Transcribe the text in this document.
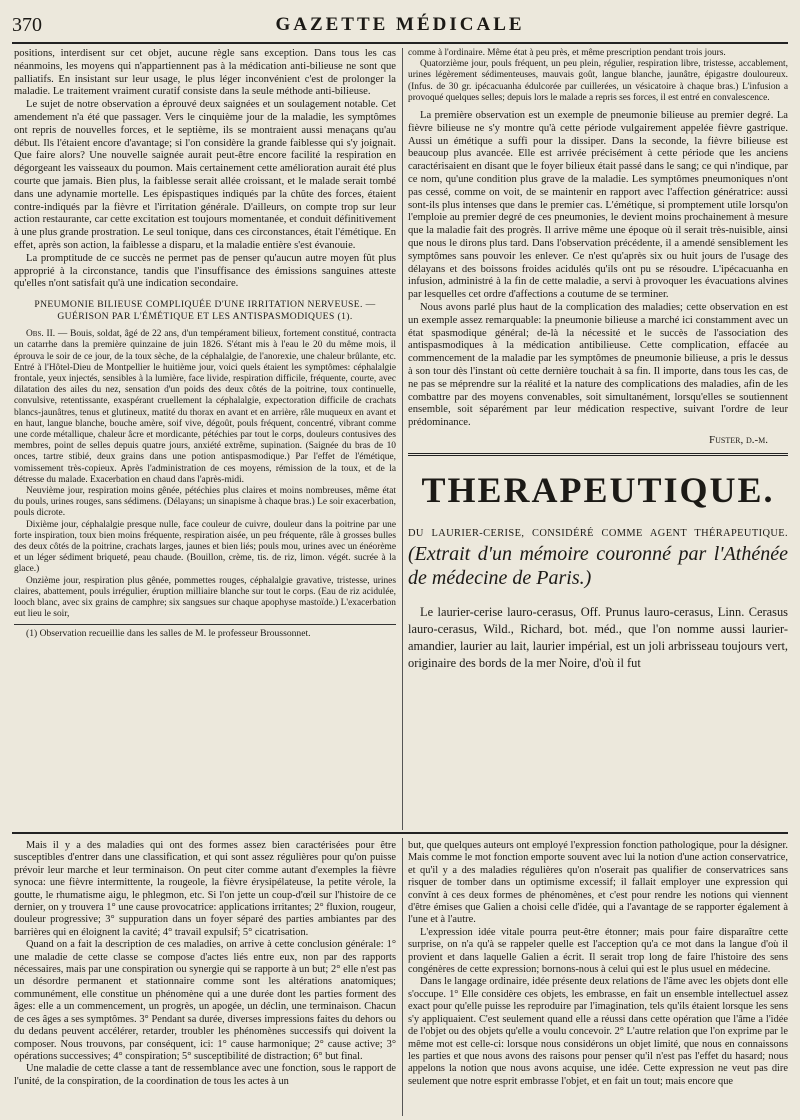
370	GAZETTE MÉDICALE

positions, interdisent sur cet objet, aucune règle sans exception. Dans tous les cas néanmoins, les moyens qui n'appartiennent pas à la médication anti-bilieuse ne sont que palliatifs. En insistant sur leur usage, le plus léger inconvénient c'est de prolonger la maladie. Le traitement vraiment curatif consiste dans la seule méthode anti-bilieuse.

Le sujet de notre observation a éprouvé deux saignées et un soulagement notable. Cet amendement n'a été que passager. Vers le cinquième jour de la maladie, les symptômes ont repris de nouvelles forces, et le septième, ils se montraient aussi menaçans qu'au début. Ils l'étaient encore d'avantage; si l'on considère la grande faiblesse qui s'y joignait. Que faire alors? Une nouvelle saignée aurait peut-être encore facilité la respiration en dégorgeant les vaisseaux du poumon. Mais certainement cette amélioration aurait été plus courte que jamais. Bien plus, la faiblesse serait allée croissant, et le malade serait tombé dans une adynamie mortelle. Les épispastiques indiqués par la chûte des forces, étaient contre-indiqués par la fièvre et l'irritation générale. D'ailleurs, on compte trop sur leur action restaurante, car cette excitation est toujours momentanée, et conduit définitivement à une plus grande prostration. Le seul tonique, dans ces circonstances, était l'émétique. En effet, après son action, la faiblesse a disparu, et la maladie entière s'est évanouie.

La promptitude de ce succès ne permet pas de penser qu'aucun autre moyen fût plus approprié à la circonstance, tandis que l'insuffisance des émissions sanguines atteste qu'elles n'ont satisfait qu'à une indication secondaire.

PNEUMONIE BILIEUSE COMPLIQUÉE D'UNE IRRITATION NERVEUSE. — GUÉRISON PAR L'ÉMÉTIQUE ET LES ANTISPASMODIQUES (1).

Obs. II. — Bouis, soldat, âgé de 22 ans, d'un tempérament bilieux, fortement constitué, contracta un catarrhe dans la première quinzaine de juin 1826. S'étant mis à l'eau le 20 du même mois, il éprouva le soir de ce jour, de la toux sèche, de la céphalalgie, de l'anorexie, une chaleur brûlante, etc. Entré à l'Hôtel-Dieu de Montpellier le huitième jour, voici quels étaient les symptômes: céphalalgie frontale, yeux injectés, sensibles à la lumière, face livide, respiration difficile, fréquente, courte, avec dilatation des ailes du nez, sensation d'un poids des deux côtés de la poitrine, toux continuelle, convulsive, retentissante, exaspérant cruellement la céphalalgie, expectoration difficile de crachats blancs-jaunâtres, tenus et glutineux, matité du thorax en avant et en arrière, râle muqueux en avant et en haut, langue blanche, bouche amère, soif vive, dégoût, pouls fréquent, concentré, vibrant comme une corde métallique, chaleur âcre et mordicante, pétéchies par tout le corps, douleurs contusives des membres, point de selles depuis quatre jours, anxiété extrême, supination. (Saignée du bras de 10 onces, tartre stibié, deux grains dans une potion antispasmodique.) Par l'effet de l'émétique, vomissement très-copieux. Après l'administration de ces moyens, rémission de la toux, et de la détresse du malade. Exacerbation en chaud dans l'après-midi.

Neuvième jour, respiration moins gênée, pétéchies plus claires et moins nombreuses, même état du pouls, urines rouges, sans sédimens. (Délayans; un sinapisme à chaque bras.) Le soir exacerbation, pouls dicrote.

Dixième jour, céphalalgie presque nulle, face couleur de cuivre, douleur dans la poitrine par une forte inspiration, toux bien moins fréquente, respiration aisée, un peu fréquente, râle à grosses bulles des deux côtés de la poitrine, crachats larges, jaunes et bien liés; pouls mou, urines avec un énéorème et un léger sédiment briqueté, peau chaude. (Bouillon, crème, tis. de riz, limon. végét. sucrée à la glace.)

Onzième jour, respiration plus gênée, pommettes rouges, céphalalgie gravative, tristesse, urines claires, abattement, pouls irrégulier, éruption milliaire blanche sur tout le corps. (Eau de riz acidulée, looch blanc, avec six grains de camphre; six sangsues sur chaque apophyse mastoïde.) L'exacerbation eut lieu le soir,

(1) Observation recueillie dans les salles de M. le professeur Broussonnet.

comme à l'ordinaire. Même état à peu près, et même prescription pendant trois jours.

Quatorzième jour, pouls fréquent, un peu plein, régulier, respiration libre, tristesse, accablement, urines légèrement sédimenteuses, mauvais goût, langue blanche, jaunâtre, épigastre douloureux. (Infus. de 30 gr. ipécacuanha édulcorée par cuillerées, un vésicatoire à chaque bras.) L'infusion a provoqué quelques selles; depuis lors le malade a repris ses forces, il est entré en convalescence.

La première observation est un exemple de pneumonie bilieuse au premier degré. La fièvre bilieuse ne s'y montre qu'à cette période vulgairement appelée fièvre gastrique. Aussi un émétique a suffi pour la dissiper. Dans la seconde, la fièvre bilieuse est beaucoup plus avancée. Elle est arrivée précisément à cette période que les anciens caractérisaient en disant que le foyer bilieux était passé dans le sang; ce qui n'indique, par ce nom, qu'une condition plus grave de la maladie. Les symptômes pneumoniques n'ont pas cessé, comme on voit, de se maintenir en rapport avec l'affection génératrice: aussi sont-ils plus intenses que dans le premier cas. L'émétique, si promptement utile lorsqu'on l'emploie au premier degré de ces pneumonies, le devient moins prochainement à mesure que la maladie fait des progrès. Il arrive même une époque où il serait très-nuisible, ainsi que nous le dirons plus tard. Dans l'observation précédente, il a amendé sensiblement les symptômes sans pouvoir les enlever. Ce n'est qu'après six ou huit jours de l'usage des délayans et des boissons froides acidulés qu'ils ont pu se résoudre. L'ipécacuanha en infusion, administré à la fin de cette maladie, a servi à provoquer les évacuations alvines par lesquelles cet ordre d'affections a coutume de se terminer.

Nous avons parlé plus haut de la complication des maladies; cette observation en est un exemple assez remarquable: la pneumonie bilieuse a marché ici constamment avec un état spasmodique général; de-là la nécessité et le succès de l'association des antispasmodiques à la médication antibilieuse. Cette complication, effacée au commencement de la maladie par les symptômes de pneumonie bilieuse, a pris le dessus à son tour dès l'instant où cette dernière touchait à sa fin. Il importe, dans tous les cas, de ne pas se méprendre sur la réalité et la nature des complications des maladies, afin de les combattre par des moyens convenables, soit simultanément, lorsqu'elles se soutiennent ensemble, soit séparément par leur médication respective, suivant l'ordre de leur prédominance.

Fuster, d.-m.
THERAPEUTIQUE.
DU LAURIER-CERISE, CONSIDÉRÉ COMME AGENT THÉRAPEUTIQUE. (Extrait d'un mémoire couronné par l'Athénée de médecine de Paris.)

Le laurier-cerise lauro-cerasus, Off. Prunus lauro-cerasus, Linn. Cerasus lauro-cerasus, Wild., Richard, bot. méd., que l'on nomme aussi laurier-amandier, laurier au lait, laurier impérial, est un joli arbrisseau toujours vert, originaire des bords de la mer Noire, d'où il fut

Mais il y a des maladies qui ont des formes assez bien caractérisées pour être susceptibles d'entrer dans une classification, et qui sont assez régulières pour qu'on puisse prévoir leur marche et leur terminaison. On peut citer comme autant d'exemples la fièvre synoca: une fièvre intermittente, la rougeole, la fièvre érysipélateuse, la petite vérole, la goutte, le rhumatisme aigu, le phlegmon, etc. Si l'on jette un coup-d'œil sur l'histoire de ce dernier, on y trouvera 1° une cause provocatrice: applications irritantes; 2° fluxion, rougeur, douleur progressive; 3° suppuration dans un foyer séparé des parties ambiantes par des barrières qui en éloignent la cavité; 4° travail expulsif; 5° cicatrisation.

Quand on a fait la description de ces maladies, on arrive à cette conclusion générale: 1° une maladie de cette classe se compose d'actes liés entre eux, non par des rapports nécessaires, mais par une conspiration ou synergie qui se rapporte à un but; 2° elle n'est pas un désordre permanent et stationnaire comme sont les altérations anatomiques; communément, elle constitue un phénomène qui a une durée dont les parties forment des âges: elle a un commencement, un progrès, un apogée, un déclin, une terminaison. Chacun de ces âges a ses symptômes. 3° Pendant sa durée, diverses impressions faites du dehors ou du dedans peuvent accélérer, retarder, troubler les phénomènes successifs qui doivent la composer. Nous trouvons, par conséquent, ici: 1° cause harmonique; 2° cause active; 3° opérations successives; 4° conspiration; 5° susceptibilité de distraction; 6° but final.

Une maladie de cette classe a tant de ressemblance avec une fonction, sous le rapport de l'unité, de la conspiration, de la coordination de tous les actes à un

but, que quelques auteurs ont employé l'expression fonction pathologique, pour la désigner. Mais comme le mot fonction emporte souvent avec lui la notion d'une action conservatrice, et qu'il y a des maladies régulières qu'on n'oserait pas qualifier de conservatrices sans risquer de tomber dans un optimisme excessif; il fallait employer une expression qui convînt à ces deux formes de phénomènes, et c'est pour rendre les notions qui viennent d'être émises que Galien a choisi celle d'idée, qui a l'avantage de se rapporter également à l'une et à l'autre.

L'expression idée vitale pourra peut-être étonner; mais pour faire disparaître cette surprise, on n'a qu'à se rappeler quelle est l'acception qu'a ce mot dans la langue d'où il provient et dans laquelle Galien a écrit. Il serait trop long de faire l'histoire des sens congénères de cette expression; bornons-nous à celui qui est le plus usuel en médecine.

Dans le langage ordinaire, idée présente deux relations de l'âme avec les objets dont elle s'occupe. 1° Elle considère ces objets, les embrasse, en fait un ensemble intellectuel assez exact pour qu'elle puisse les reproduire par l'imagination, tels qu'ils étaient lorsque les sens s'y appliquaient. C'est seulement quand elle a réussi dans cette opération que l'âme a l'idée de l'objet ou des objets qu'elle a voulu concevoir. 2° L'autre relation que l'on exprime par le même mot est celle-ci: lorsque nous considérons un objet limité, que nous en connaissons les parties et que nous avons des raisons pour penser qu'il n'est pas l'effet du hasard; nous appelons la notion que nous avons acquise, une idée. Cette expression ne veut pas dire seulement que notre esprit embrasse l'objet, et en fait un tout; mais encore que
